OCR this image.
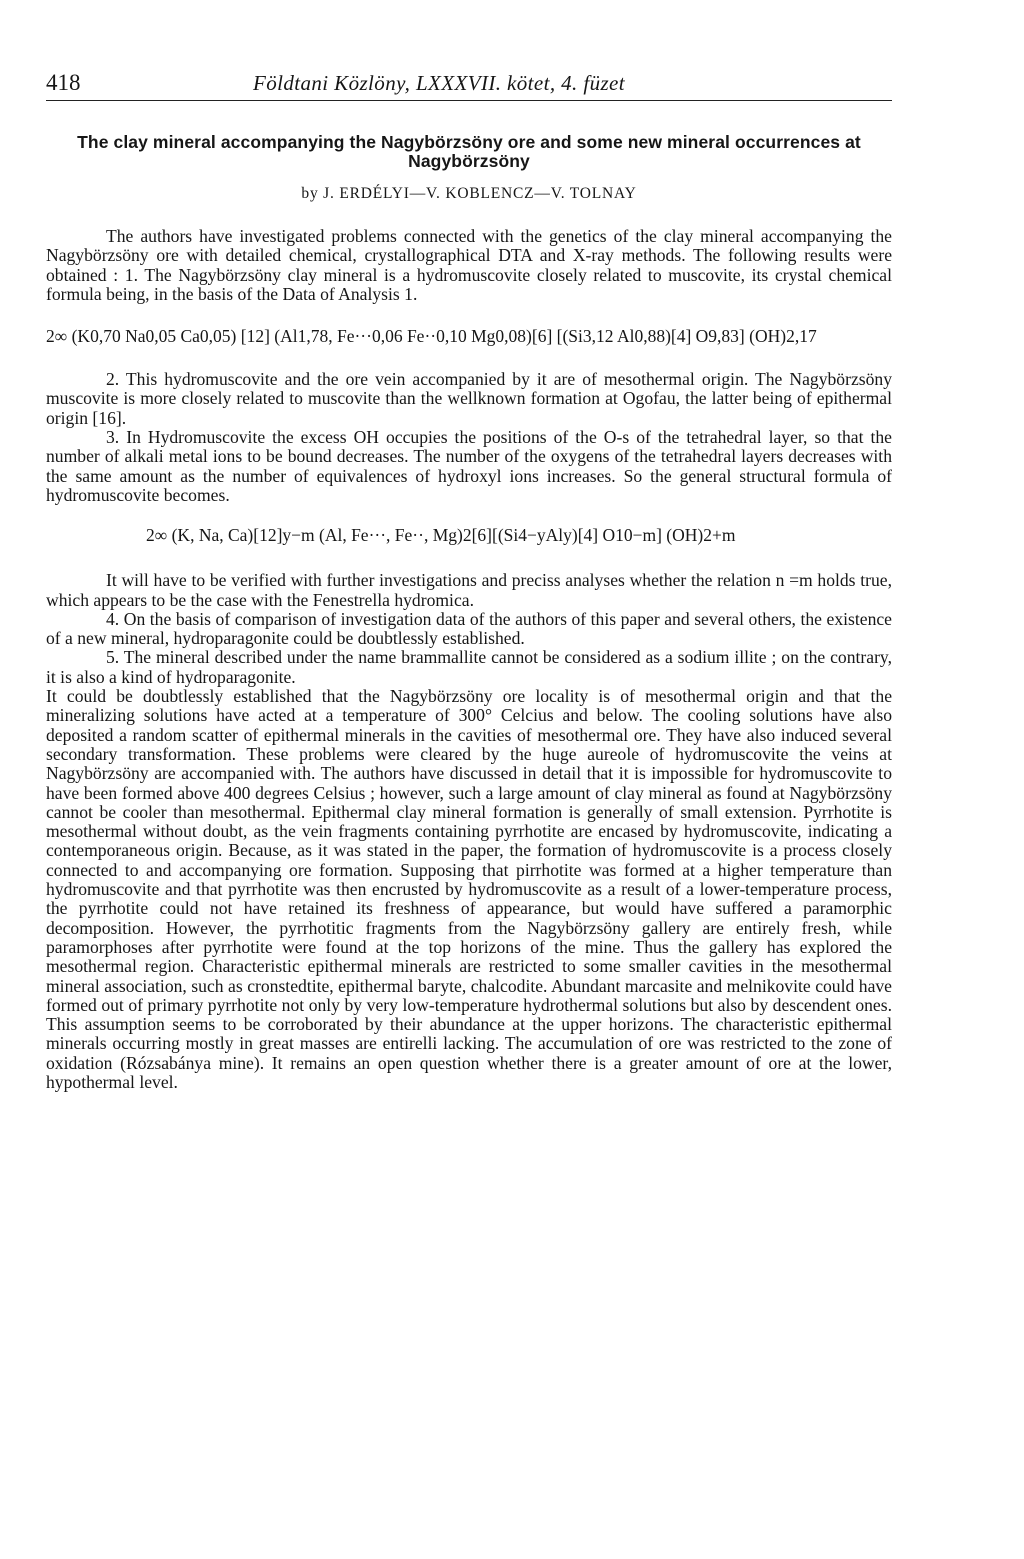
418	Földtani Közlöny, LXXXVII. kötet, 4. füzet
The clay mineral accompanying the Nagybörzsöny ore and some new mineral occurrences at Nagybörzsöny
by J. ERDÉLYI—V. KOBLENCZ—V. TOLNAY

The authors have investigated problems connected with the genetics of the clay mineral accompanying the Nagybörzsöny ore with detailed chemical, crystallographical DTA and X-ray methods. The following results were obtained : 1. The Nagybörzsöny clay mineral is a hydromuscovite closely related to muscovite, its crystal chemical formula being, in the basis of the Data of Analysis 1.

2∞ (K0,70 Na0,05 Ca0,05) [12] (Al1,78, Fe···0,06 Fe··0,10 Mg0,08)[6] [(Si3,12 Al0,88)[4] O9,83] (OH)2,17

2. This hydromuscovite and the ore vein accompanied by it are of mesothermal origin. The Nagybörzsöny muscovite is more closely related to muscovite than the wellknown formation at Ogofau, the latter being of epithermal origin [16].

3. In Hydromuscovite the excess OH occupies the positions of the O-s of the tetrahedral layer, so that the number of alkali metal ions to be bound decreases. The number of the oxygens of the tetrahedral layers decreases with the same amount as the number of equivalences of hydroxyl ions increases. So the general structural formula of hydromuscovite becomes.

2∞ (K, Na, Ca)[12]y−m (Al, Fe···, Fe··, Mg)2[6][(Si4−yAly)[4] O10−m] (OH)2+m

It will have to be verified with further investigations and preciss analyses whether the relation n =m holds true, which appears to be the case with the Fenestrella hydromica.

4. On the basis of comparison of investigation data of the authors of this paper and several others, the existence of a new mineral, hydroparagonite could be doubtlessly established.

5. The mineral described under the name brammallite cannot be considered as a sodium illite ; on the contrary, it is also a kind of hydroparagonite.

It could be doubtlessly established that the Nagybörzsöny ore locality is of mesothermal origin and that the mineralizing solutions have acted at a temperature of 300° Celcius and below. The cooling solutions have also deposited a random scatter of epithermal minerals in the cavities of mesothermal ore. They have also induced several secondary transformation. These problems were cleared by the huge aureole of hydromuscovite the veins at Nagybörzsöny are accompanied with. The authors have discussed in detail that it is impossible for hydromuscovite to have been formed above 400 degrees Celsius ; however, such a large amount of clay mineral as found at Nagybörzsöny cannot be cooler than mesothermal. Epithermal clay mineral formation is generally of small extension. Pyrrhotite is mesothermal without doubt, as the vein fragments containing pyrrhotite are encased by hydromuscovite, indicating a contemporaneous origin. Because, as it was stated in the paper, the formation of hydromuscovite is a process closely connected to and accompanying ore formation. Supposing that pirrhotite was formed at a higher temperature than hydromuscovite and that pyrrhotite was then encrusted by hydromuscovite as a result of a lower-temperature process, the pyrrhotite could not have retained its freshness of appearance, but would have suffered a paramorphic decomposition. However, the pyrrhotitic fragments from the Nagybörzsöny gallery are entirely fresh, while paramorphoses after pyrrhotite were found at the top horizons of the mine. Thus the gallery has explored the mesothermal region. Characteristic epithermal minerals are restricted to some smaller cavities in the mesothermal mineral association, such as cronstedtite, epithermal baryte, chalcodite. Abundant marcasite and melnikovite could have formed out of primary pyrrhotite not only by very low-temperature hydrothermal solutions but also by descendent ones. This assumption seems to be corroborated by their abundance at the upper horizons. The characteristic epithermal minerals occurring mostly in great masses are entirelli lacking. The accumulation of ore was restricted to the zone of oxidation (Rózsabánya mine). It remains an open question whether there is a greater amount of ore at the lower, hypothermal level.
